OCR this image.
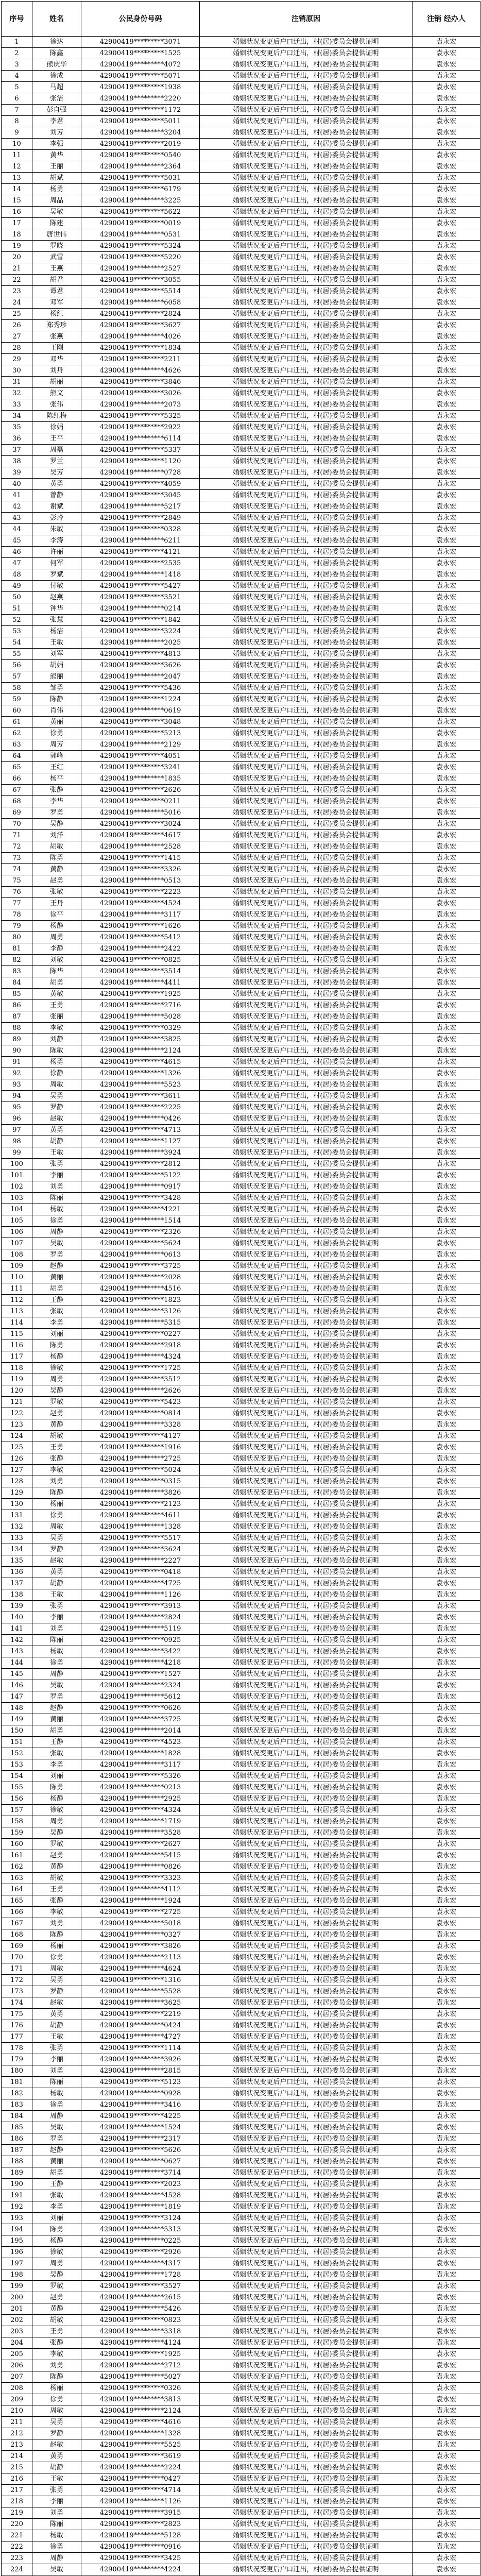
序号	姓名	公民身份号码	注销原因	注销 经办人
1	徐达	42900419*********3071	婚姻状况变更后户口迁出，村(居)委员会提供证明	袁永宏
2	陈鑫	42900419*********1525	婚姻状况变更后户口迁出，村(居)委员会提供证明	袁永宏
3	熊庆华	42900419*********4072	婚姻状况变更后户口迁出，村(居)委员会提供证明	袁永宏
4	徐成	42900419*********5071	婚姻状况变更后户口迁出，村(居)委员会提供证明	袁永宏
5	马超	42900419*********1938	婚姻状况变更后户口迁出，村(居)委员会提供证明	袁永宏
6	张洁	42900419*********2220	婚姻状况变更后户口迁出，村(居)委员会提供证明	袁永宏
7	彭自强	42900419*********1172	婚姻状况变更后户口迁出，村(居)委员会提供证明	袁永宏
8	李君	42900419*********5011	婚姻状况变更后户口迁出，村(居)委员会提供证明	袁永宏
9	刘芳	42900419*********3204	婚姻状况变更后户口迁出，村(居)委员会提供证明	袁永宏
10	李强	42900419*********2019	婚姻状况变更后户口迁出，村(居)委员会提供证明	袁永宏
11	黄华	42900419*********0540	婚姻状况变更后户口迁出，村(居)委员会提供证明	袁永宏
12	王丽	42900419*********2364	婚姻状况变更后户口迁出，村(居)委员会提供证明	袁永宏
13	胡斌	42900419*********5031	婚姻状况变更后户口迁出，村(居)委员会提供证明	袁永宏
14	杨勇	42900419*********6179	婚姻状况变更后户口迁出，村(居)委员会提供证明	袁永宏
15	周晶	42900419*********3225	婚姻状况变更后户口迁出，村(居)委员会提供证明	袁永宏
16	吴敏	42900419*********5622	婚姻状况变更后户口迁出，村(居)委员会提供证明	袁永宏
17	陈建	42900419*********0019	婚姻状况变更后户口迁出，村(居)委员会提供证明	袁永宏
18	唐世伟	42900419*********0531	婚姻状况变更后户口迁出，村(居)委员会提供证明	袁永宏
19	罗晓	42900419*********5324	婚姻状况变更后户口迁出，村(居)委员会提供证明	袁永宏
20	武雪	42900419*********5220	婚姻状况变更后户口迁出，村(居)委员会提供证明	袁永宏
21	王燕	42900419*********2527	婚姻状况变更后户口迁出，村(居)委员会提供证明	袁永宏
22	胡君	42900419*********3055	婚姻状况变更后户口迁出，村(居)委员会提供证明	袁永宏
23	谭君	42900419*********5514	婚姻状况变更后户口迁出，村(居)委员会提供证明	袁永宏
24	邓军	42900419*********6058	婚姻状况变更后户口迁出，村(居)委员会提供证明	袁永宏
25	杨红	42900419*********2824	婚姻状况变更后户口迁出，村(居)委员会提供证明	袁永宏
26	郑秀珍	42900419*********3627	婚姻状况变更后户口迁出，村(居)委员会提供证明	袁永宏
27	张燕	42900419*********4026	婚姻状况变更后户口迁出，村(居)委员会提供证明	袁永宏
28	王刚	42900419*********1834	婚姻状况变更后户口迁出，村(居)委员会提供证明	袁永宏
29	邓华	42900419*********2211	婚姻状况变更后户口迁出，村(居)委员会提供证明	袁永宏
30	刘丹	42900419*********4626	婚姻状况变更后户口迁出，村(居)委员会提供证明	袁永宏
31	胡丽	42900419*********3846	婚姻状况变更后户口迁出，村(居)委员会提供证明	袁永宏
32	熊文	42900419*********3026	婚姻状况变更后户口迁出，村(居)委员会提供证明	袁永宏
33	张伟	42900419*********2073	婚姻状况变更后户口迁出，村(居)委员会提供证明	袁永宏
34	陈红梅	42900419*********5325	婚姻状况变更后户口迁出，村(居)委员会提供证明	袁永宏
35	徐娟	42900419*********2922	婚姻状况变更后户口迁出，村(居)委员会提供证明	袁永宏
36	王平	42900419*********6114	婚姻状况变更后户口迁出，村(居)委员会提供证明	袁永宏
37	周磊	42900419*********5337	婚姻状况变更后户口迁出，村(居)委员会提供证明	袁永宏
38	罗兰	42900419*********1120	婚姻状况变更后户口迁出，村(居)委员会提供证明	袁永宏
39	吴芳	42900419*********0728	婚姻状况变更后户口迁出，村(居)委员会提供证明	袁永宏
40	黄勇	42900419*********4059	婚姻状况变更后户口迁出，村(居)委员会提供证明	袁永宏
41	曾静	42900419*********3045	婚姻状况变更后户口迁出，村(居)委员会提供证明	袁永宏
42	谢斌	42900419*********5217	婚姻状况变更后户口迁出，村(居)委员会提供证明	袁永宏
43	彭玲	42900419*********2849	婚姻状况变更后户口迁出，村(居)委员会提供证明	袁永宏
44	朱敏	42900419*********0328	婚姻状况变更后户口迁出，村(居)委员会提供证明	袁永宏
45	李涛	42900419*********6211	婚姻状况变更后户口迁出，村(居)委员会提供证明	袁永宏
46	许丽	42900419*********4121	婚姻状况变更后户口迁出，村(居)委员会提供证明	袁永宏
47	何军	42900419*********2535	婚姻状况变更后户口迁出，村(居)委员会提供证明	袁永宏
48	罗斌	42900419*********1418	婚姻状况变更后户口迁出，村(居)委员会提供证明	袁永宏
49	付敏	42900419*********5427	婚姻状况变更后户口迁出，村(居)委员会提供证明	袁永宏
50	赵燕	42900419*********3521	婚姻状况变更后户口迁出，村(居)委员会提供证明	袁永宏
51	钟华	42900419*********0214	婚姻状况变更后户口迁出，村(居)委员会提供证明	袁永宏
52	张慧	42900419*********1842	婚姻状况变更后户口迁出，村(居)委员会提供证明	袁永宏
53	杨洁	42900419*********3224	婚姻状况变更后户口迁出，村(居)委员会提供证明	袁永宏
54	王敏	42900419*********2025	婚姻状况变更后户口迁出，村(居)委员会提供证明	袁永宏
55	刘军	42900419*********4813	婚姻状况变更后户口迁出，村(居)委员会提供证明	袁永宏
56	胡娟	42900419*********3626	婚姻状况变更后户口迁出，村(居)委员会提供证明	袁永宏
57	熊丽	42900419*********2047	婚姻状况变更后户口迁出，村(居)委员会提供证明	袁永宏
58	邹勇	42900419*********5436	婚姻状况变更后户口迁出，村(居)委员会提供证明	袁永宏
59	陈静	42900419*********1224	婚姻状况变更后户口迁出，村(居)委员会提供证明	袁永宏
60	肖伟	42900419*********0619	婚姻状况变更后户口迁出，村(居)委员会提供证明	袁永宏
61	黄丽	42900419*********3048	婚姻状况变更后户口迁出，村(居)委员会提供证明	袁永宏
62	徐勇	42900419*********5213	婚姻状况变更后户口迁出，村(居)委员会提供证明	袁永宏
63	周芳	42900419*********2129	婚姻状况变更后户口迁出，村(居)委员会提供证明	袁永宏
64	郭峰	42900419*********4051	婚姻状况变更后户口迁出，村(居)委员会提供证明	袁永宏
65	王红	42900419*********3241	婚姻状况变更后户口迁出，村(居)委员会提供证明	袁永宏
66	杨平	42900419*********1835	婚姻状况变更后户口迁出，村(居)委员会提供证明	袁永宏
67	张静	42900419*********2626	婚姻状况变更后户口迁出，村(居)委员会提供证明	袁永宏
68	李华	42900419*********0211	婚姻状况变更后户口迁出，村(居)委员会提供证明	袁永宏
69	罗勇	42900419*********5016	婚姻状况变更后户口迁出，村(居)委员会提供证明	袁永宏
70	吴静	42900419*********3024	婚姻状况变更后户口迁出，村(居)委员会提供证明	袁永宏
71	刘洋	42900419*********4617	婚姻状况变更后户口迁出，村(居)委员会提供证明	袁永宏
72	胡敏	42900419*********2528	婚姻状况变更后户口迁出，村(居)委员会提供证明	袁永宏
73	陈勇	42900419*********1415	婚姻状况变更后户口迁出，村(居)委员会提供证明	袁永宏
74	黄静	42900419*********3326	婚姻状况变更后户口迁出，村(居)委员会提供证明	袁永宏
75	赵勇	42900419*********0513	婚姻状况变更后户口迁出，村(居)委员会提供证明	袁永宏
76	张敏	42900419*********2223	婚姻状况变更后户口迁出，村(居)委员会提供证明	袁永宏
77	王丹	42900419*********4524	婚姻状况变更后户口迁出，村(居)委员会提供证明	袁永宏
78	徐平	42900419*********3117	婚姻状况变更后户口迁出，村(居)委员会提供证明	袁永宏
79	杨静	42900419*********1626	婚姻状况变更后户口迁出，村(居)委员会提供证明	袁永宏
80	周勇	42900419*********5412	婚姻状况变更后户口迁出，村(居)委员会提供证明	袁永宏
81	李静	42900419*********2422	婚姻状况变更后户口迁出，村(居)委员会提供证明	袁永宏
82	刘敏	42900419*********0825	婚姻状况变更后户口迁出，村(居)委员会提供证明	袁永宏
83	陈华	42900419*********3514	婚姻状况变更后户口迁出，村(居)委员会提供证明	袁永宏
84	胡勇	42900419*********4411	婚姻状况变更后户口迁出，村(居)委员会提供证明	袁永宏
85	黄敏	42900419*********1925	婚姻状况变更后户口迁出，村(居)委员会提供证明	袁永宏
86	王勇	42900419*********2716	婚姻状况变更后户口迁出，村(居)委员会提供证明	袁永宏
87	张丽	42900419*********5028	婚姻状况变更后户口迁出，村(居)委员会提供证明	袁永宏
88	李敏	42900419*********0329	婚姻状况变更后户口迁出，村(居)委员会提供证明	袁永宏
89	刘静	42900419*********3825	婚姻状况变更后户口迁出，村(居)委员会提供证明	袁永宏
90	陈敏	42900419*********2124	婚姻状况变更后户口迁出，村(居)委员会提供证明	袁永宏
91	杨勇	42900419*********4615	婚姻状况变更后户口迁出，村(居)委员会提供证明	袁永宏
92	徐静	42900419*********1326	婚姻状况变更后户口迁出，村(居)委员会提供证明	袁永宏
93	周敏	42900419*********5523	婚姻状况变更后户口迁出，村(居)委员会提供证明	袁永宏
94	吴勇	42900419*********3611	婚姻状况变更后户口迁出，村(居)委员会提供证明	袁永宏
95	罗静	42900419*********2225	婚姻状况变更后户口迁出，村(居)委员会提供证明	袁永宏
96	赵敏	42900419*********0426	婚姻状况变更后户口迁出，村(居)委员会提供证明	袁永宏
97	黄勇	42900419*********4713	婚姻状况变更后户口迁出，村(居)委员会提供证明	袁永宏
98	胡静	42900419*********1127	婚姻状况变更后户口迁出，村(居)委员会提供证明	袁永宏
99	王敏	42900419*********3924	婚姻状况变更后户口迁出，村(居)委员会提供证明	袁永宏
100	张勇	42900419*********2812	婚姻状况变更后户口迁出，村(居)委员会提供证明	袁永宏
101	李丽	42900419*********5122	婚姻状况变更后户口迁出，村(居)委员会提供证明	袁永宏
102	刘勇	42900419*********0917	婚姻状况变更后户口迁出，村(居)委员会提供证明	袁永宏
103	陈丽	42900419*********3428	婚姻状况变更后户口迁出，村(居)委员会提供证明	袁永宏
104	杨敏	42900419*********4221	婚姻状况变更后户口迁出，村(居)委员会提供证明	袁永宏
105	徐勇	42900419*********1514	婚姻状况变更后户口迁出，村(居)委员会提供证明	袁永宏
106	周静	42900419*********2326	婚姻状况变更后户口迁出，村(居)委员会提供证明	袁永宏
107	吴敏	42900419*********5624	婚姻状况变更后户口迁出，村(居)委员会提供证明	袁永宏
108	罗勇	42900419*********0613	婚姻状况变更后户口迁出，村(居)委员会提供证明	袁永宏
109	赵静	42900419*********3725	婚姻状况变更后户口迁出，村(居)委员会提供证明	袁永宏
110	黄丽	42900419*********2028	婚姻状况变更后户口迁出，村(居)委员会提供证明	袁永宏
111	胡勇	42900419*********4516	婚姻状况变更后户口迁出，村(居)委员会提供证明	袁永宏
112	王静	42900419*********1823	婚姻状况变更后户口迁出，村(居)委员会提供证明	袁永宏
113	张敏	42900419*********3126	婚姻状况变更后户口迁出，村(居)委员会提供证明	袁永宏
114	李勇	42900419*********5315	婚姻状况变更后户口迁出，村(居)委员会提供证明	袁永宏
115	刘丽	42900419*********0227	婚姻状况变更后户口迁出，村(居)委员会提供证明	袁永宏
116	陈勇	42900419*********2918	婚姻状况变更后户口迁出，村(居)委员会提供证明	袁永宏
117	杨静	42900419*********4324	婚姻状况变更后户口迁出，村(居)委员会提供证明	袁永宏
118	徐敏	42900419*********1725	婚姻状况变更后户口迁出，村(居)委员会提供证明	袁永宏
119	周勇	42900419*********3512	婚姻状况变更后户口迁出，村(居)委员会提供证明	袁永宏
120	吴静	42900419*********2626	婚姻状况变更后户口迁出，村(居)委员会提供证明	袁永宏
121	罗敏	42900419*********5423	婚姻状况变更后户口迁出，村(居)委员会提供证明	袁永宏
122	赵勇	42900419*********0814	婚姻状况变更后户口迁出，村(居)委员会提供证明	袁永宏
123	黄静	42900419*********3328	婚姻状况变更后户口迁出，村(居)委员会提供证明	袁永宏
124	胡敏	42900419*********4127	婚姻状况变更后户口迁出，村(居)委员会提供证明	袁永宏
125	王勇	42900419*********1916	婚姻状况变更后户口迁出，村(居)委员会提供证明	袁永宏
126	张静	42900419*********2725	婚姻状况变更后户口迁出，村(居)委员会提供证明	袁永宏
127	李敏	42900419*********5024	婚姻状况变更后户口迁出，村(居)委员会提供证明	袁永宏
128	刘勇	42900419*********0315	婚姻状况变更后户口迁出，村(居)委员会提供证明	袁永宏
129	陈静	42900419*********3826	婚姻状况变更后户口迁出，村(居)委员会提供证明	袁永宏
130	杨丽	42900419*********2123	婚姻状况变更后户口迁出，村(居)委员会提供证明	袁永宏
131	徐勇	42900419*********4611	婚姻状况变更后户口迁出，村(居)委员会提供证明	袁永宏
132	周敏	42900419*********1328	婚姻状况变更后户口迁出，村(居)委员会提供证明	袁永宏
133	吴勇	42900419*********5517	婚姻状况变更后户口迁出，村(居)委员会提供证明	袁永宏
134	罗静	42900419*********3624	婚姻状况变更后户口迁出，村(居)委员会提供证明	袁永宏
135	赵敏	42900419*********2227	婚姻状况变更后户口迁出，村(居)委员会提供证明	袁永宏
136	黄勇	42900419*********0418	婚姻状况变更后户口迁出，村(居)委员会提供证明	袁永宏
137	胡静	42900419*********4725	婚姻状况变更后户口迁出，村(居)委员会提供证明	袁永宏
138	王敏	42900419*********1126	婚姻状况变更后户口迁出，村(居)委员会提供证明	袁永宏
139	张勇	42900419*********3913	婚姻状况变更后户口迁出，村(居)委员会提供证明	袁永宏
140	李丽	42900419*********2824	婚姻状况变更后户口迁出，村(居)委员会提供证明	袁永宏
141	刘勇	42900419*********5119	婚姻状况变更后户口迁出，村(居)委员会提供证明	袁永宏
142	陈丽	42900419*********0925	婚姻状况变更后户口迁出，村(居)委员会提供证明	袁永宏
143	杨敏	42900419*********3422	婚姻状况变更后户口迁出，村(居)委员会提供证明	袁永宏
144	徐勇	42900419*********4218	婚姻状况变更后户口迁出，村(居)委员会提供证明	袁永宏
145	周静	42900419*********1527	婚姻状况变更后户口迁出，村(居)委员会提供证明	袁永宏
146	吴敏	42900419*********2324	婚姻状况变更后户口迁出，村(居)委员会提供证明	袁永宏
147	罗勇	42900419*********5612	婚姻状况变更后户口迁出，村(居)委员会提供证明	袁永宏
148	赵静	42900419*********0626	婚姻状况变更后户口迁出，村(居)委员会提供证明	袁永宏
149	黄丽	42900419*********3725	婚姻状况变更后户口迁出，村(居)委员会提供证明	袁永宏
150	胡勇	42900419*********2014	婚姻状况变更后户口迁出，村(居)委员会提供证明	袁永宏
151	王静	42900419*********4523	婚姻状况变更后户口迁出，村(居)委员会提供证明	袁永宏
152	张敏	42900419*********1828	婚姻状况变更后户口迁出，村(居)委员会提供证明	袁永宏
153	李勇	42900419*********3117	婚姻状况变更后户口迁出，村(居)委员会提供证明	袁永宏
154	刘丽	42900419*********5326	婚姻状况变更后户口迁出，村(居)委员会提供证明	袁永宏
155	陈勇	42900419*********0213	婚姻状况变更后户口迁出，村(居)委员会提供证明	袁永宏
156	杨静	42900419*********2925	婚姻状况变更后户口迁出，村(居)委员会提供证明	袁永宏
157	徐敏	42900419*********4324	婚姻状况变更后户口迁出，村(居)委员会提供证明	袁永宏
158	周勇	42900419*********1719	婚姻状况变更后户口迁出，村(居)委员会提供证明	袁永宏
159	吴静	42900419*********3528	婚姻状况变更后户口迁出，村(居)委员会提供证明	袁永宏
160	罗敏	42900419*********2627	婚姻状况变更后户口迁出，村(居)委员会提供证明	袁永宏
161	赵勇	42900419*********5415	婚姻状况变更后户口迁出，村(居)委员会提供证明	袁永宏
162	黄静	42900419*********0826	婚姻状况变更后户口迁出，村(居)委员会提供证明	袁永宏
163	胡敏	42900419*********3323	婚姻状况变更后户口迁出，村(居)委员会提供证明	袁永宏
164	王勇	42900419*********4112	婚姻状况变更后户口迁出，村(居)委员会提供证明	袁永宏
165	张静	42900419*********1924	婚姻状况变更后户口迁出，村(居)委员会提供证明	袁永宏
166	李敏	42900419*********2725	婚姻状况变更后户口迁出，村(居)委员会提供证明	袁永宏
167	刘勇	42900419*********5018	婚姻状况变更后户口迁出，村(居)委员会提供证明	袁永宏
168	陈静	42900419*********0327	婚姻状况变更后户口迁出，村(居)委员会提供证明	袁永宏
169	杨丽	42900419*********3826	婚姻状况变更后户口迁出，村(居)委员会提供证明	袁永宏
170	徐勇	42900419*********2113	婚姻状况变更后户口迁出，村(居)委员会提供证明	袁永宏
171	周敏	42900419*********4624	婚姻状况变更后户口迁出，村(居)委员会提供证明	袁永宏
172	吴勇	42900419*********1316	婚姻状况变更后户口迁出，村(居)委员会提供证明	袁永宏
173	罗静	42900419*********5528	婚姻状况变更后户口迁出，村(居)委员会提供证明	袁永宏
174	赵敏	42900419*********3625	婚姻状况变更后户口迁出，村(居)委员会提供证明	袁永宏
175	黄勇	42900419*********2219	婚姻状况变更后户口迁出，村(居)委员会提供证明	袁永宏
176	胡静	42900419*********0424	婚姻状况变更后户口迁出，村(居)委员会提供证明	袁永宏
177	王敏	42900419*********4727	婚姻状况变更后户口迁出，村(居)委员会提供证明	袁永宏
178	张勇	42900419*********1114	婚姻状况变更后户口迁出，村(居)委员会提供证明	袁永宏
179	李丽	42900419*********3926	婚姻状况变更后户口迁出，村(居)委员会提供证明	袁永宏
180	刘勇	42900419*********2815	婚姻状况变更后户口迁出，村(居)委员会提供证明	袁永宏
181	陈丽	42900419*********5123	婚姻状况变更后户口迁出，村(居)委员会提供证明	袁永宏
182	杨敏	42900419*********0928	婚姻状况变更后户口迁出，村(居)委员会提供证明	袁永宏
183	徐勇	42900419*********3416	婚姻状况变更后户口迁出，村(居)委员会提供证明	袁永宏
184	周静	42900419*********4225	婚姻状况变更后户口迁出，村(居)委员会提供证明	袁永宏
185	吴敏	42900419*********1524	婚姻状况变更后户口迁出，村(居)委员会提供证明	袁永宏
186	罗勇	42900419*********2317	婚姻状况变更后户口迁出，村(居)委员会提供证明	袁永宏
187	赵静	42900419*********5626	婚姻状况变更后户口迁出，村(居)委员会提供证明	袁永宏
188	黄丽	42900419*********0627	婚姻状况变更后户口迁出，村(居)委员会提供证明	袁永宏
189	胡勇	42900419*********3714	婚姻状况变更后户口迁出，村(居)委员会提供证明	袁永宏
190	王静	42900419*********2023	婚姻状况变更后户口迁出，村(居)委员会提供证明	袁永宏
191	张敏	42900419*********4528	婚姻状况变更后户口迁出，村(居)委员会提供证明	袁永宏
192	李勇	42900419*********1819	婚姻状况变更后户口迁出，村(居)委员会提供证明	袁永宏
193	刘丽	42900419*********3124	婚姻状况变更后户口迁出，村(居)委员会提供证明	袁永宏
194	陈勇	42900419*********5313	婚姻状况变更后户口迁出，村(居)委员会提供证明	袁永宏
195	杨静	42900419*********0225	婚姻状况变更后户口迁出，村(居)委员会提供证明	袁永宏
196	徐敏	42900419*********2926	婚姻状况变更后户口迁出，村(居)委员会提供证明	袁永宏
197	周勇	42900419*********4317	婚姻状况变更后户口迁出，村(居)委员会提供证明	袁永宏
198	吴静	42900419*********1728	婚姻状况变更后户口迁出，村(居)委员会提供证明	袁永宏
199	罗敏	42900419*********3527	婚姻状况变更后户口迁出，村(居)委员会提供证明	袁永宏
200	赵勇	42900419*********2615	婚姻状况变更后户口迁出，村(居)委员会提供证明	袁永宏
201	黄静	42900419*********5426	婚姻状况变更后户口迁出，村(居)委员会提供证明	袁永宏
202	胡敏	42900419*********0823	婚姻状况变更后户口迁出，村(居)委员会提供证明	袁永宏
203	王勇	42900419*********3318	婚姻状况变更后户口迁出，村(居)委员会提供证明	袁永宏
204	张静	42900419*********4124	婚姻状况变更后户口迁出，村(居)委员会提供证明	袁永宏
205	李敏	42900419*********1925	婚姻状况变更后户口迁出，村(居)委员会提供证明	袁永宏
206	刘勇	42900419*********2712	婚姻状况变更后户口迁出，村(居)委员会提供证明	袁永宏
207	陈静	42900419*********5027	婚姻状况变更后户口迁出，村(居)委员会提供证明	袁永宏
208	杨丽	42900419*********0326	婚姻状况变更后户口迁出，村(居)委员会提供证明	袁永宏
209	徐勇	42900419*********3813	婚姻状况变更后户口迁出，村(居)委员会提供证明	袁永宏
210	周敏	42900419*********2124	婚姻状况变更后户口迁出，村(居)委员会提供证明	袁永宏
211	吴勇	42900419*********4616	婚姻状况变更后户口迁出，村(居)委员会提供证明	袁永宏
212	罗静	42900419*********1328	婚姻状况变更后户口迁出，村(居)委员会提供证明	袁永宏
213	赵敏	42900419*********5525	婚姻状况变更后户口迁出，村(居)委员会提供证明	袁永宏
214	黄勇	42900419*********3619	婚姻状况变更后户口迁出，村(居)委员会提供证明	袁永宏
215	胡静	42900419*********2224	婚姻状况变更后户口迁出，村(居)委员会提供证明	袁永宏
216	王敏	42900419*********0427	婚姻状况变更后户口迁出，村(居)委员会提供证明	袁永宏
217	张勇	42900419*********4714	婚姻状况变更后户口迁出，村(居)委员会提供证明	袁永宏
218	李丽	42900419*********1126	婚姻状况变更后户口迁出，村(居)委员会提供证明	袁永宏
219	刘勇	42900419*********3915	婚姻状况变更后户口迁出，村(居)委员会提供证明	袁永宏
220	陈丽	42900419*********2823	婚姻状况变更后户口迁出，村(居)委员会提供证明	袁永宏
221	杨敏	42900419*********5128	婚姻状况变更后户口迁出，村(居)委员会提供证明	袁永宏
222	徐勇	42900419*********0916	婚姻状况变更后户口迁出，村(居)委员会提供证明	袁永宏
223	周静	42900419*********3425	婚姻状况变更后户口迁出，村(居)委员会提供证明	袁永宏
224	吴敏	42900419*********4224	婚姻状况变更后户口迁出，村(居)委员会提供证明	袁永宏
